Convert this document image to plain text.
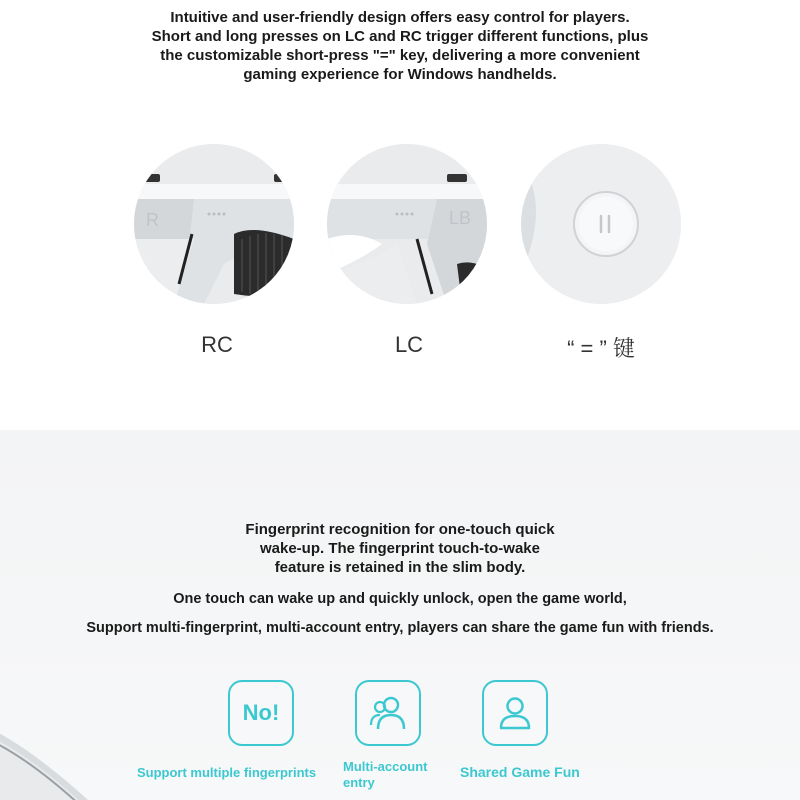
Intuitive and user-friendly design offers easy control for players.
Short and long presses on LC and RC trigger different functions, plus
the customizable short-press "=" key, delivering a more convenient
gaming experience for Windows handhelds.
R
RC
LB
LC	“ = ” 键
Fingerprint recognition for one-touch quick
wake-up. The fingerprint touch-to-wake
feature is retained in the slim body.
One touch can wake up and quickly unlock, open the game world,
Support multi-fingerprint, multi-account entry, players can share the game fun with friends.
No!
Support multiple fingerprints Multi-account
entry
Shared Game Fun
